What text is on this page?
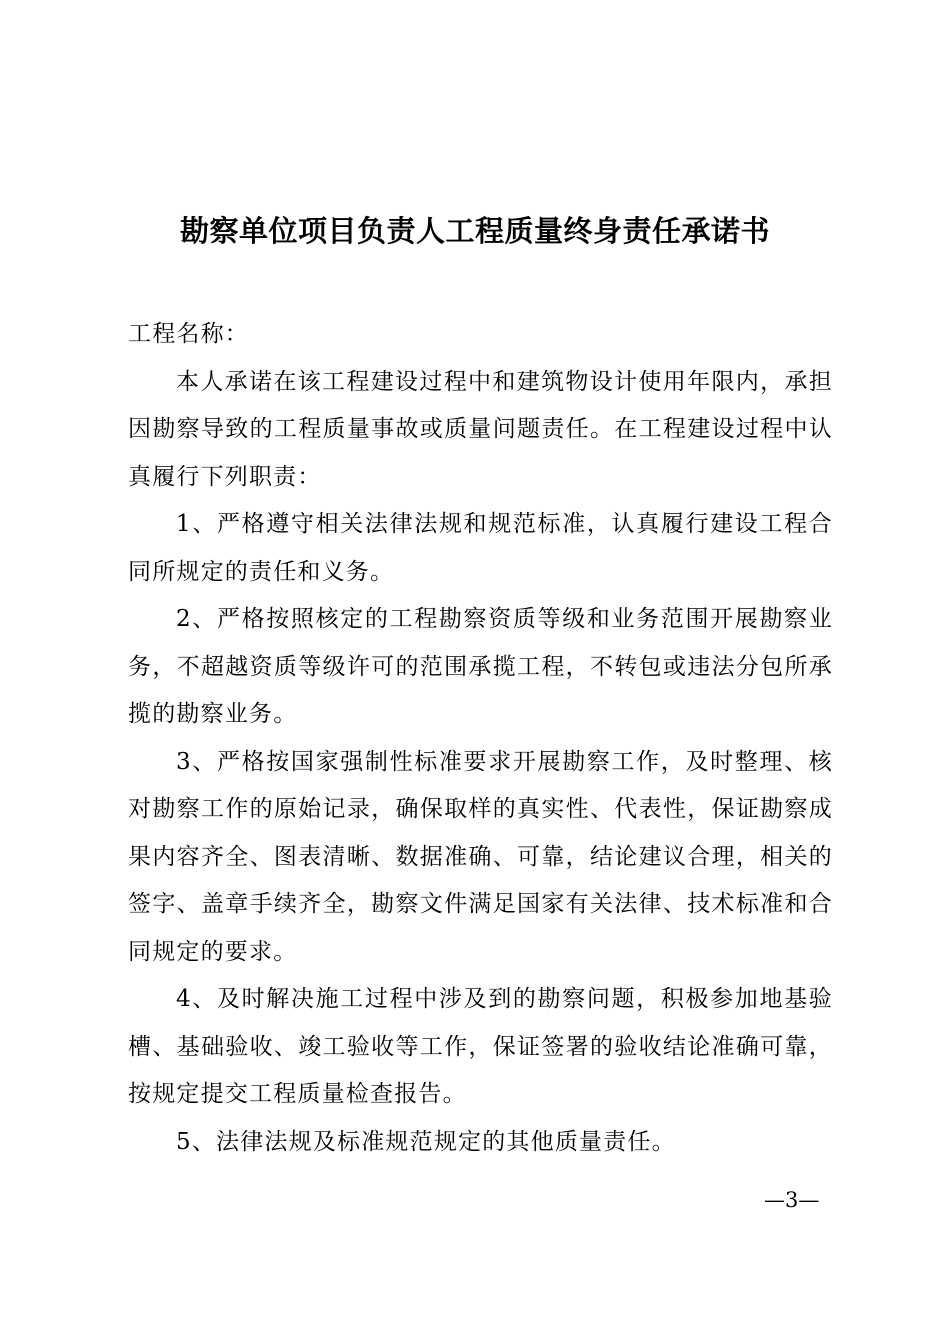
勘察单位项目负责人工程质量终身责任承诺书

工程名称：

本人承诺在该工程建设过程中和建筑物设计使用年限内，承担因勘察导致的工程质量事故或质量问题责任。在工程建设过程中认真履行下列职责：

1、严格遵守相关法律法规和规范标准，认真履行建设工程合同所规定的责任和义务。

2、严格按照核定的工程勘察资质等级和业务范围开展勘察业务，不超越资质等级许可的范围承揽工程，不转包或违法分包所承揽的勘察业务。

3、严格按国家强制性标准要求开展勘察工作，及时整理、核对勘察工作的原始记录，确保取样的真实性、代表性，保证勘察成果内容齐全、图表清晰、数据准确、可靠，结论建议合理，相关的签字、盖章手续齐全，勘察文件满足国家有关法律、技术标准和合同规定的要求。

4、及时解决施工过程中涉及到的勘察问题，积极参加地基验槽、基础验收、竣工验收等工作，保证签署的验收结论准确可靠，按规定提交工程质量检查报告。

5、法律法规及标准规范规定的其他质量责任。

—3—
